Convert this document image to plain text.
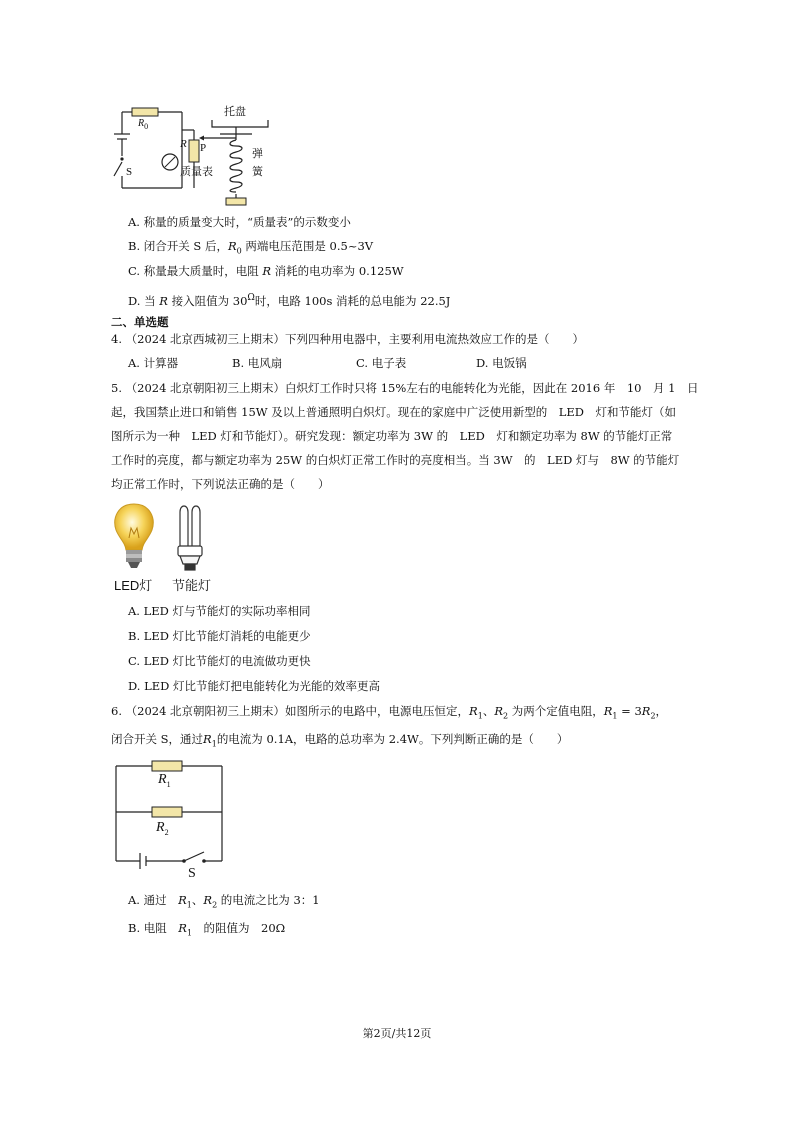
$R_0$
R P
质量表
S
托盘
弹
簧
A. 称量的质量变大时，“质量表”的示数变小
B. 闭合开关 S 后，$R_0$ 两端电压范围是 0.5~3V
C. 称量最大质量时，电阻 R 消耗的电功率为 0.125W
D. 当 R 接入阻值为 $30^\Omega$时，电路 100s 消耗的总电能为 22.5J
二、单选题
4. （2024 北京西城初三上期末）下列四种用电器中，主要利用电流热效应工作的是（　　）
A. 计算器	B. 电风扇	C. 电子表	D. 电饭锅
5. （2024 北京朝阳初三上期末）白炽灯工作时只将 15%左右的电能转化为光能，因此在 2016 年　10　月 1　日
起，我国禁止进口和销售 15W 及以上普通照明白炽灯。现在的家庭中广泛使用新型的　LED　灯和节能灯（如
图所示为一种　LED 灯和节能灯）。研究发现：额定功率为 3W 的　LED　灯和额定功率为 8W 的节能灯正常
工作时的亮度，都与额定功率为 25W 的白炽灯正常工作时的亮度相当。当 3W　的　LED 灯与　8W 的节能灯
均正常工作时，下列说法正确的是（　　）
LED灯 节能灯
A. LED 灯与节能灯的实际功率相同
B. LED 灯比节能灯消耗的电能更少
C. LED 灯比节能灯的电流做功更快
D. LED 灯比节能灯把电能转化为光能的效率更高
6. （2024 北京朝阳初三上期末）如图所示的电路中，电源电压恒定，$R_1$、$R_2$ 为两个定值电阻，$R_1 = 3R_2$，
闭合开关 S，通过$R_1$的电流为 0.1A，电路的总功率为 2.4W。下列判断正确的是（　　）
$R_1$
$R_2$
S
A. 通过　$R_1$、$R_2$ 的电流之比为 3：1
B. 电阻　$R_1$　的阻值为　20Ω
第2页/共12页
